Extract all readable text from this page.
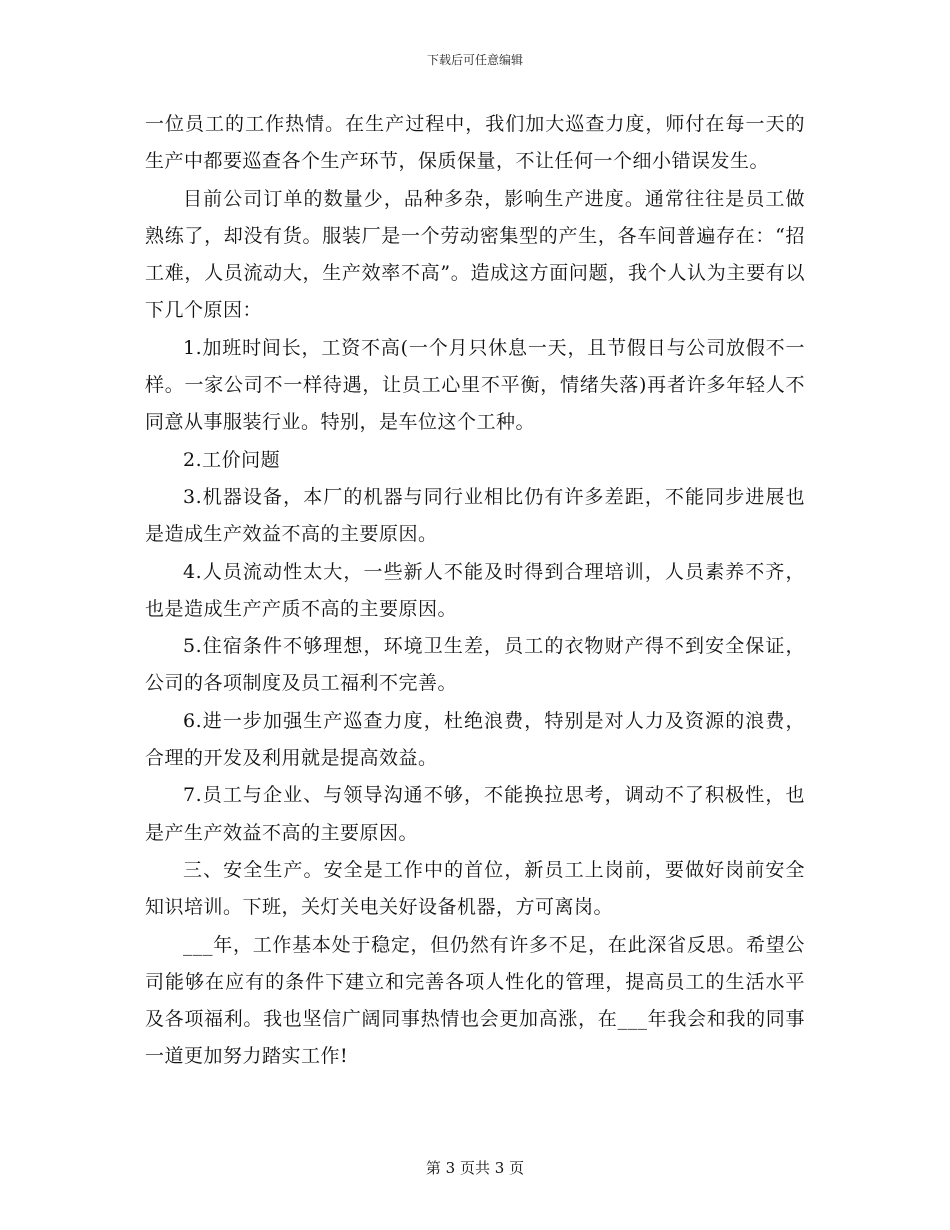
下载后可任意编辑

一位员工的工作热情。在生产过程中，我们加大巡查力度，师付在每一天的生产中都要巡查各个生产环节，保质保量，不让任何一个细小错误发生。

目前公司订单的数量少，品种多杂，影响生产进度。通常往往是员工做熟练了，却没有货。服装厂是一个劳动密集型的产生，各车间普遍存在：“招工难，人员流动大，生产效率不高”。造成这方面问题，我个人认为主要有以下几个原因：

1.加班时间长，工资不高(一个月只休息一天，且节假日与公司放假不一样。一家公司不一样待遇，让员工心里不平衡，情绪失落)再者许多年轻人不同意从事服装行业。特别，是车位这个工种。

2.工价问题

3.机器设备，本厂的机器与同行业相比仍有许多差距，不能同步进展也是造成生产效益不高的主要原因。

4.人员流动性太大，一些新人不能及时得到合理培训，人员素养不齐，也是造成生产产质不高的主要原因。

5.住宿条件不够理想，环境卫生差，员工的衣物财产得不到安全保证，公司的各项制度及员工福利不完善。

6.进一步加强生产巡查力度，杜绝浪费，特别是对人力及资源的浪费，合理的开发及利用就是提高效益。

7.员工与企业、与领导沟通不够，不能换拉思考，调动不了积极性，也是产生产效益不高的主要原因。

三、安全生产。安全是工作中的首位，新员工上岗前，要做好岗前安全知识培训。下班，关灯关电关好设备机器，方可离岗。

___年，工作基本处于稳定，但仍然有许多不足，在此深省反思。希望公司能够在应有的条件下建立和完善各项人性化的管理，提高员工的生活水平及各项福利。我也坚信广阔同事热情也会更加高涨，在___年我会和我的同事一道更加努力踏实工作!

第 3 页共 3 页
